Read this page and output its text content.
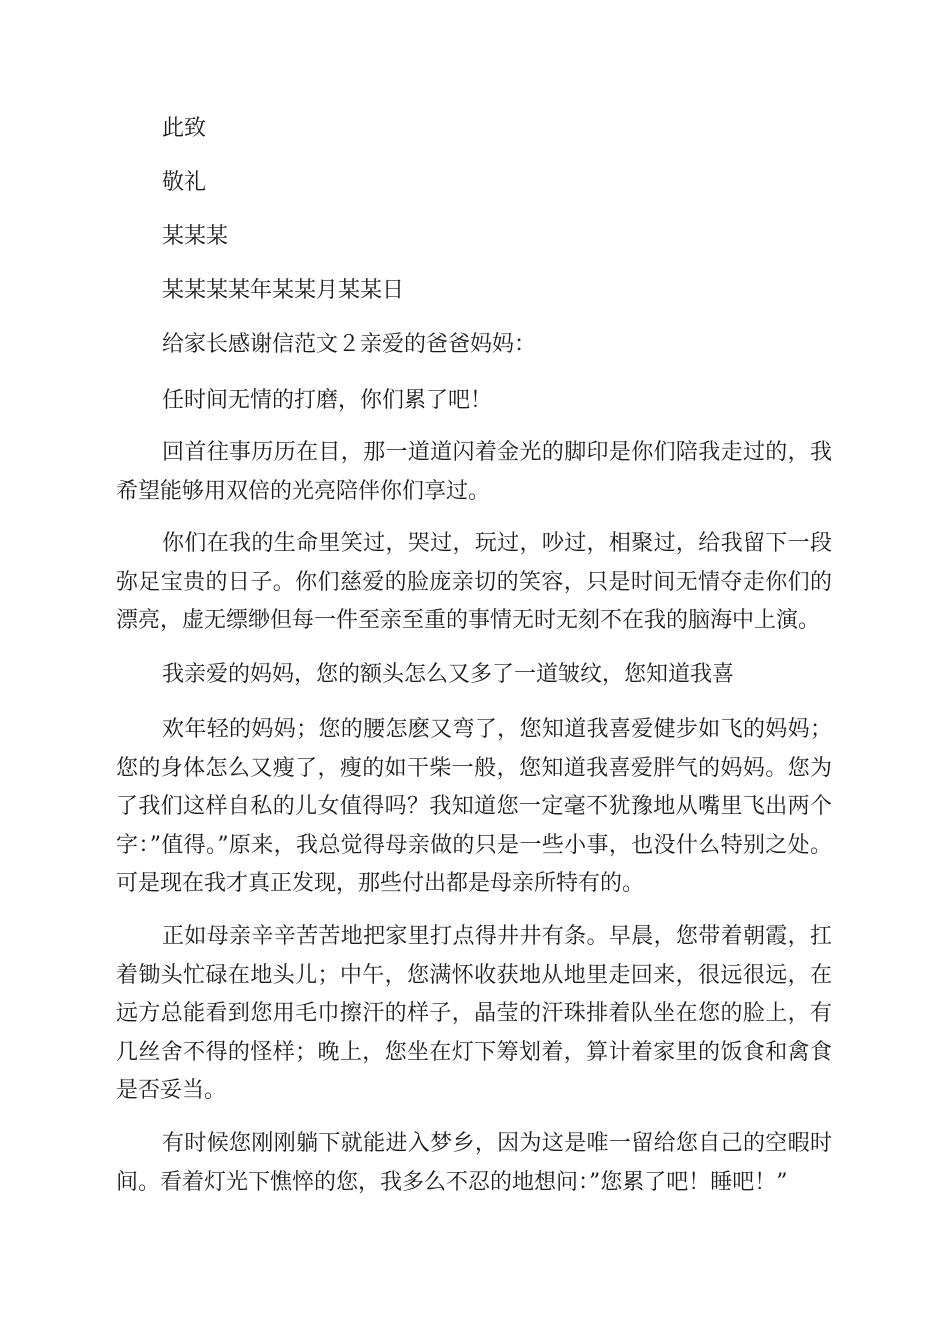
此致
敬礼
某某某
某某某某年某某月某某日
给家长感谢信范文２亲爱的爸爸妈妈：
任时间无情的打磨，你们累了吧！
回首往事历历在目，那一道道闪着金光的脚印是你们陪我走过的，我希望能够用双倍的光亮陪伴你们享过。
你们在我的生命里笑过，哭过，玩过，吵过，相聚过，给我留下一段弥足宝贵的日子。你们慈爱的脸庞亲切的笑容，只是时间无情夺走你们的漂亮，虚无缥缈但每一件至亲至重的事情无时无刻不在我的脑海中上演。
我亲爱的妈妈，您的额头怎么又多了一道皱纹，您知道我喜
欢年轻的妈妈；您的腰怎麽又弯了，您知道我喜爱健步如飞的妈妈；您的身体怎么又瘦了，瘦的如干柴一般，您知道我喜爱胖气的妈妈。您为了我们这样自私的儿女值得吗？我知道您一定毫不犹豫地从嘴里飞出两个字：”值得。”原来，我总觉得母亲做的只是一些小事，也没什么特别之处。可是现在我才真正发现，那些付出都是母亲所特有的。
正如母亲辛辛苦苦地把家里打点得井井有条。早晨，您带着朝霞，扛着锄头忙碌在地头儿；中午，您满怀收获地从地里走回来，很远很远，在远方总能看到您用毛巾擦汗的样子，晶莹的汗珠排着队坐在您的脸上，有几丝舍不得的怪样；晚上，您坐在灯下筹划着，算计着家里的饭食和禽食是否妥当。
有时候您刚刚躺下就能进入梦乡，因为这是唯一留给您自己的空暇时间。看着灯光下憔悴的您，我多么不忍的地想问：”您累了吧！睡吧！”
